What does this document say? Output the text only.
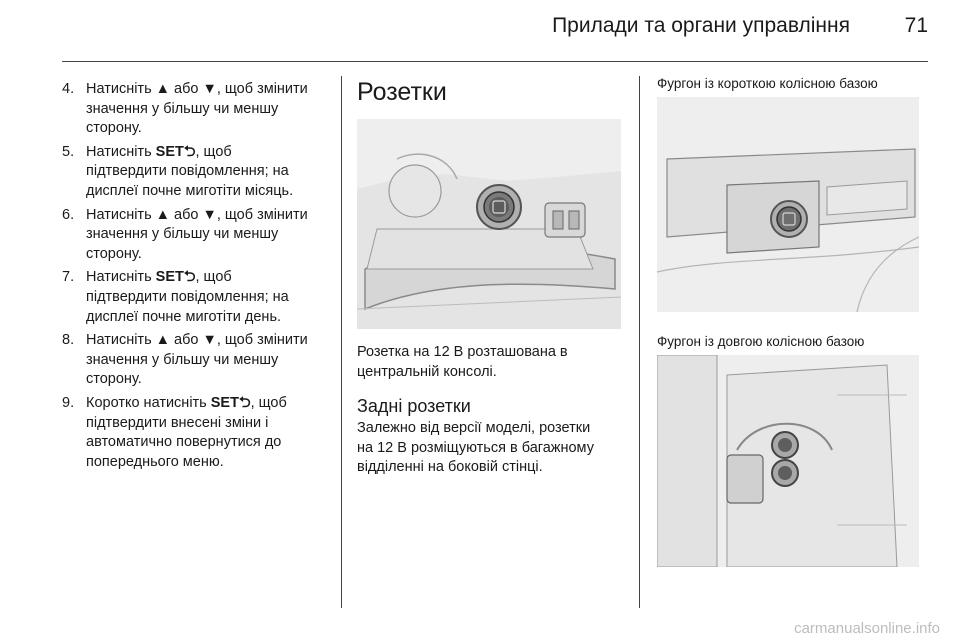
Прилади та органи управління	71
4. Натисніть ▲ або ▼, щоб змінити
значення у більшу чи меншу
сторону.
5. Натисніть SET⮌, щоб
підтвердити повідомлення; на
дисплеї почне миготіти місяць.
6. Натисніть ▲ або ▼, щоб змінити
значення у більшу чи меншу
сторону.
7. Натисніть SET⮌, щоб
підтвердити повідомлення; на
дисплеї почне миготіти день.
8. Натисніть ▲ або ▼, щоб змінити
значення у більшу чи меншу
сторону.
9. Коротко натисніть SET⮌, щоб
підтвердити внесені зміни і
автоматично повернутися до
попереднього меню.
Розетки
Розетка на 12 В розташована в
центральній консолі.
Задні розетки
Залежно від версії моделі, розетки
на 12 В розміщуються в багажному
відділенні на боковій стінці.
Фургон із короткою колісною базою
Фургон із довгою колісною базою
carmanualsonline.info
